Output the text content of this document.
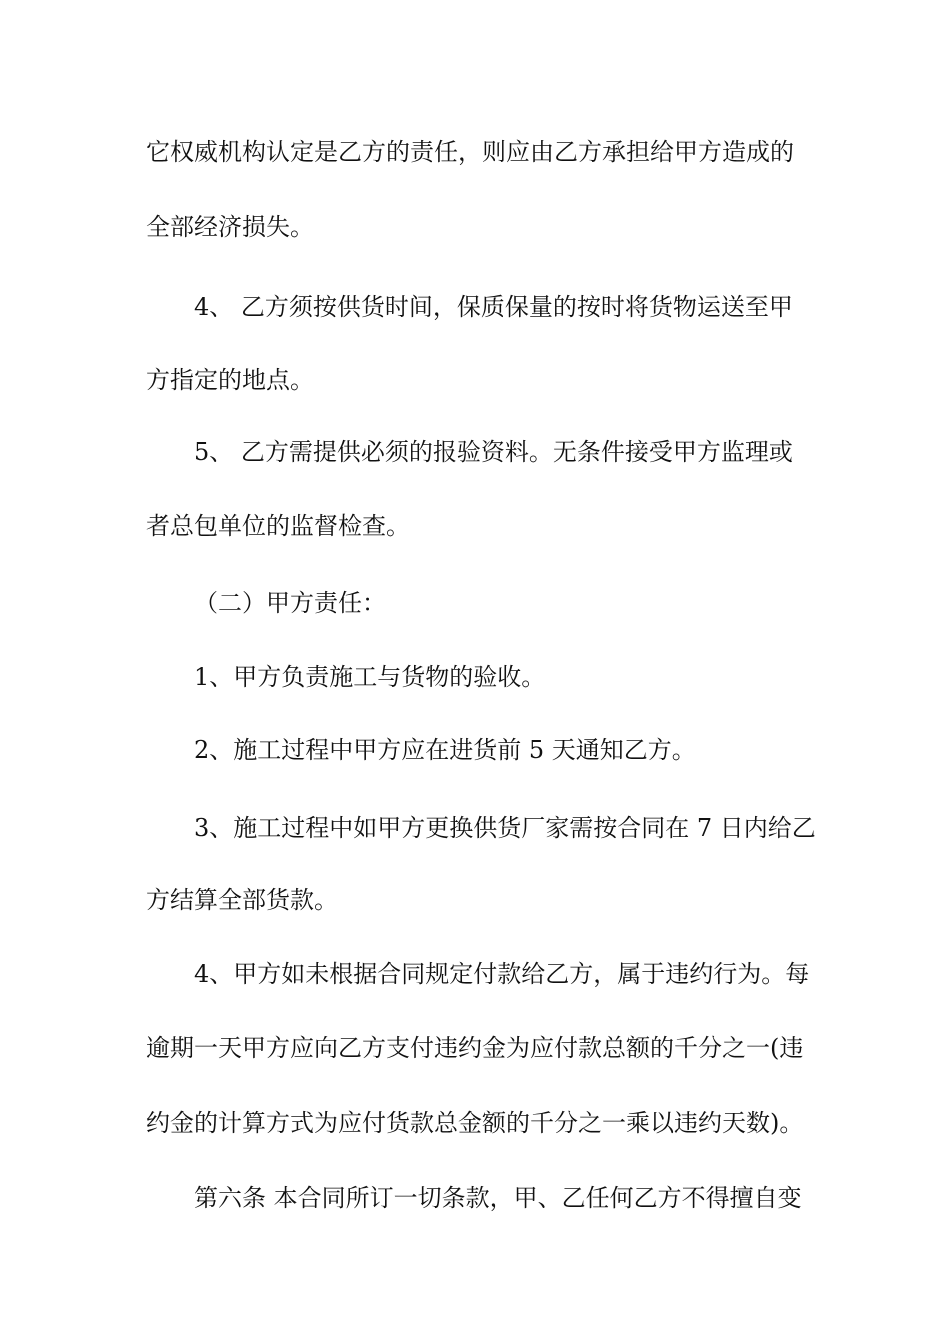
它权威机构认定是乙方的责任，则应由乙方承担给甲方造成的
全部经济损失。
4、 乙方须按供货时间，保质保量的按时将货物运送至甲
方指定的地点。
5、 乙方需提供必须的报验资料。无条件接受甲方监理或
者总包单位的监督检查。
（二）甲方责任：
1、甲方负责施工与货物的验收。
2、施工过程中甲方应在进货前 5 天通知乙方。
3、施工过程中如甲方更换供货厂家需按合同在 7 日内给乙
方结算全部货款。
4、甲方如未根据合同规定付款给乙方，属于违约行为。每
逾期一天甲方应向乙方支付违约金为应付款总额的千分之一(违
约金的计算方式为应付货款总金额的千分之一乘以违约天数)。
第六条 本合同所订一切条款，甲、乙任何乙方不得擅自变
